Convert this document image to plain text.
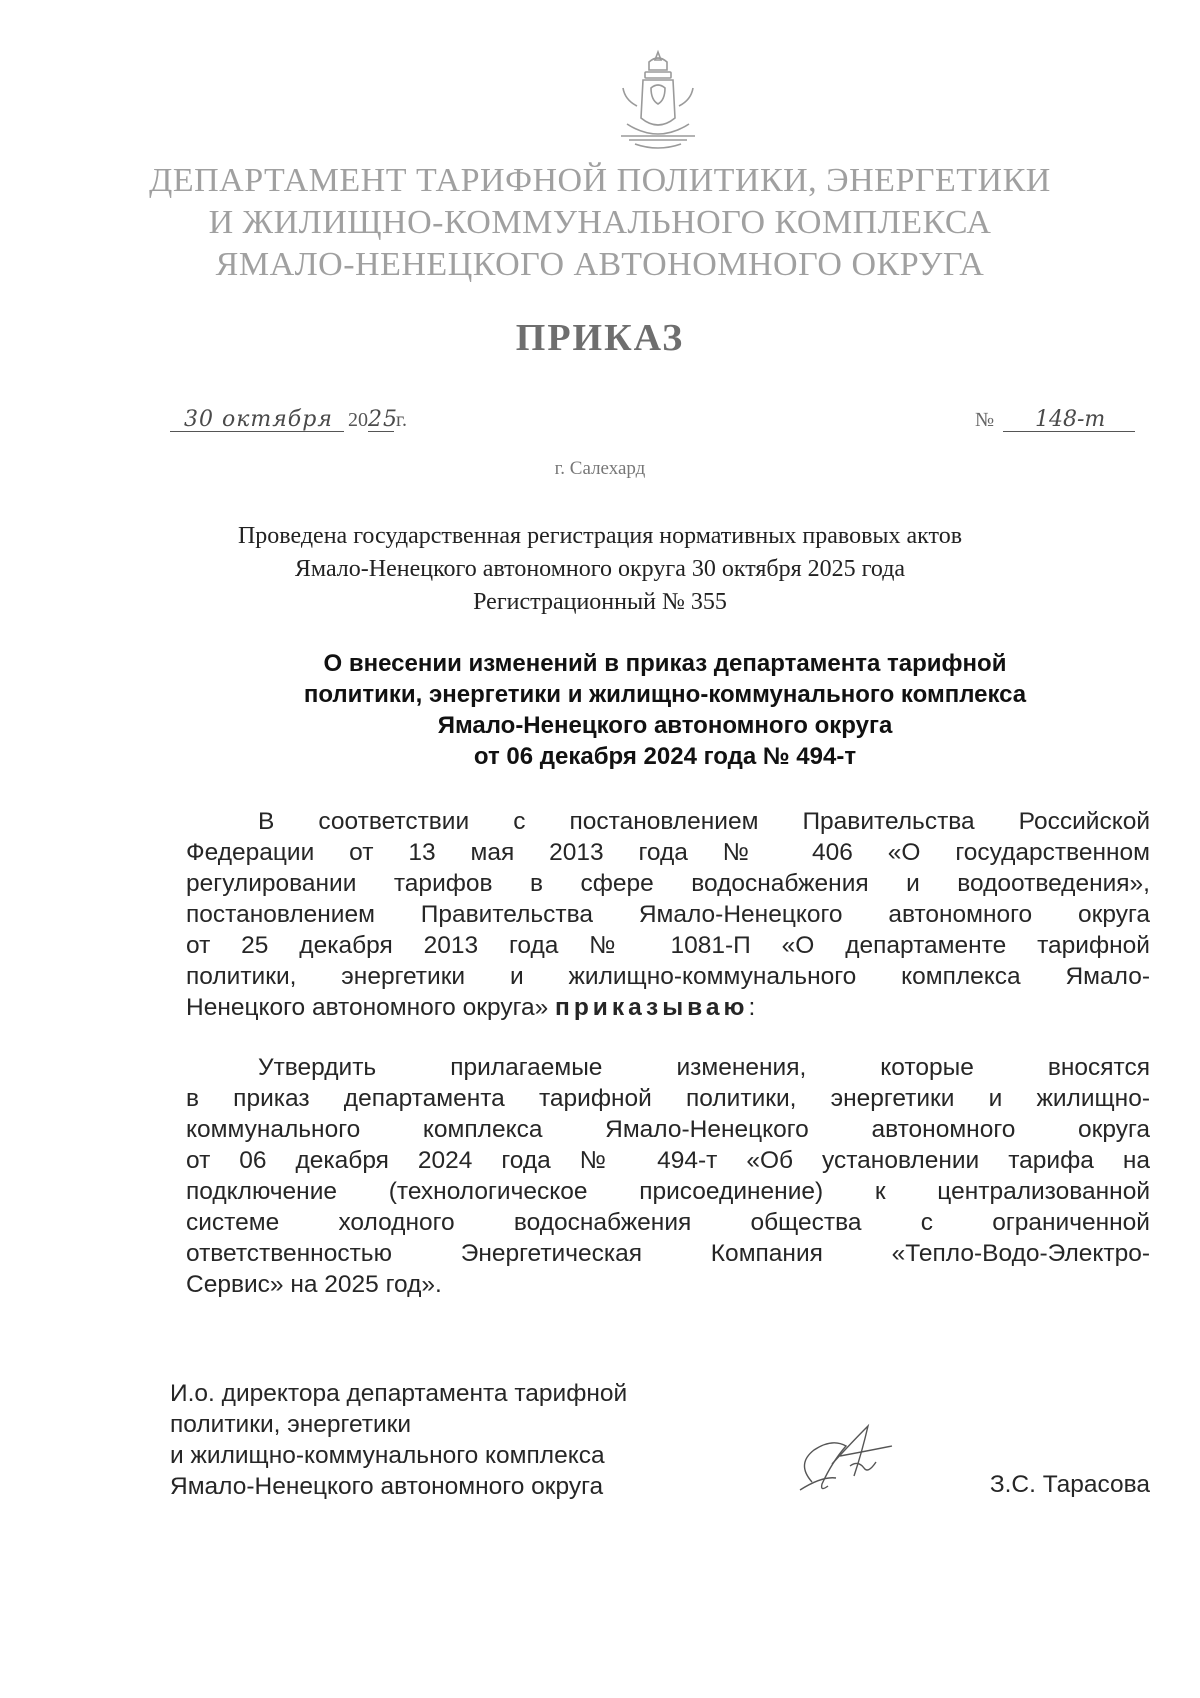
ДЕПАРТАМЕНТ ТАРИФНОЙ ПОЛИТИКИ, ЭНЕРГЕТИКИ
И ЖИЛИЩНО-КОММУНАЛЬНОГО КОМПЛЕКСА
ЯМАЛО-НЕНЕЦКОГО АВТОНОМНОГО ОКРУГА
ПРИКАЗ
30 октября 20 25
г.	№ 148-т
г. Салехард
Проведена государственная регистрация нормативных правовых актов
Ямало-Ненецкого автономного округа 30 октября 2025 года
Регистрационный № 355
О внесении изменений в приказ департамента тарифной
политики, энергетики и жилищно-коммунального комплекса
Ямало-Ненецкого автономного округа
от 06 декабря 2024 года № 494-т
В соответствии с постановлением Правительства Российской
Федерации от 13 мая 2013 года № 406 «О государственном
регулировании тарифов в сфере водоснабжения и водоотведения»,
постановлением Правительства Ямало-Ненецкого автономного округа
от 25 декабря 2013 года № 1081-П «О департаменте тарифной
политики, энергетики и жилищно-коммунального комплекса Ямало-
Ненецкого автономного округа» приказываю:
Утвердить прилагаемые изменения, которые вносятся
в приказ департамента тарифной политики, энергетики и жилищно-
коммунального комплекса Ямало-Ненецкого автономного округа
от 06 декабря 2024 года № 494-т «Об установлении тарифа на
подключение (технологическое присоединение) к централизованной
системе холодного водоснабжения общества с ограниченной
ответственностью Энергетическая Компания «Тепло-Водо-Электро-
Сервис» на 2025 год».
И.о. директора департамента тарифной
политики, энергетики
и жилищно-коммунального комплекса
Ямало-Ненецкого автономного округа	З.С. Тарасова
